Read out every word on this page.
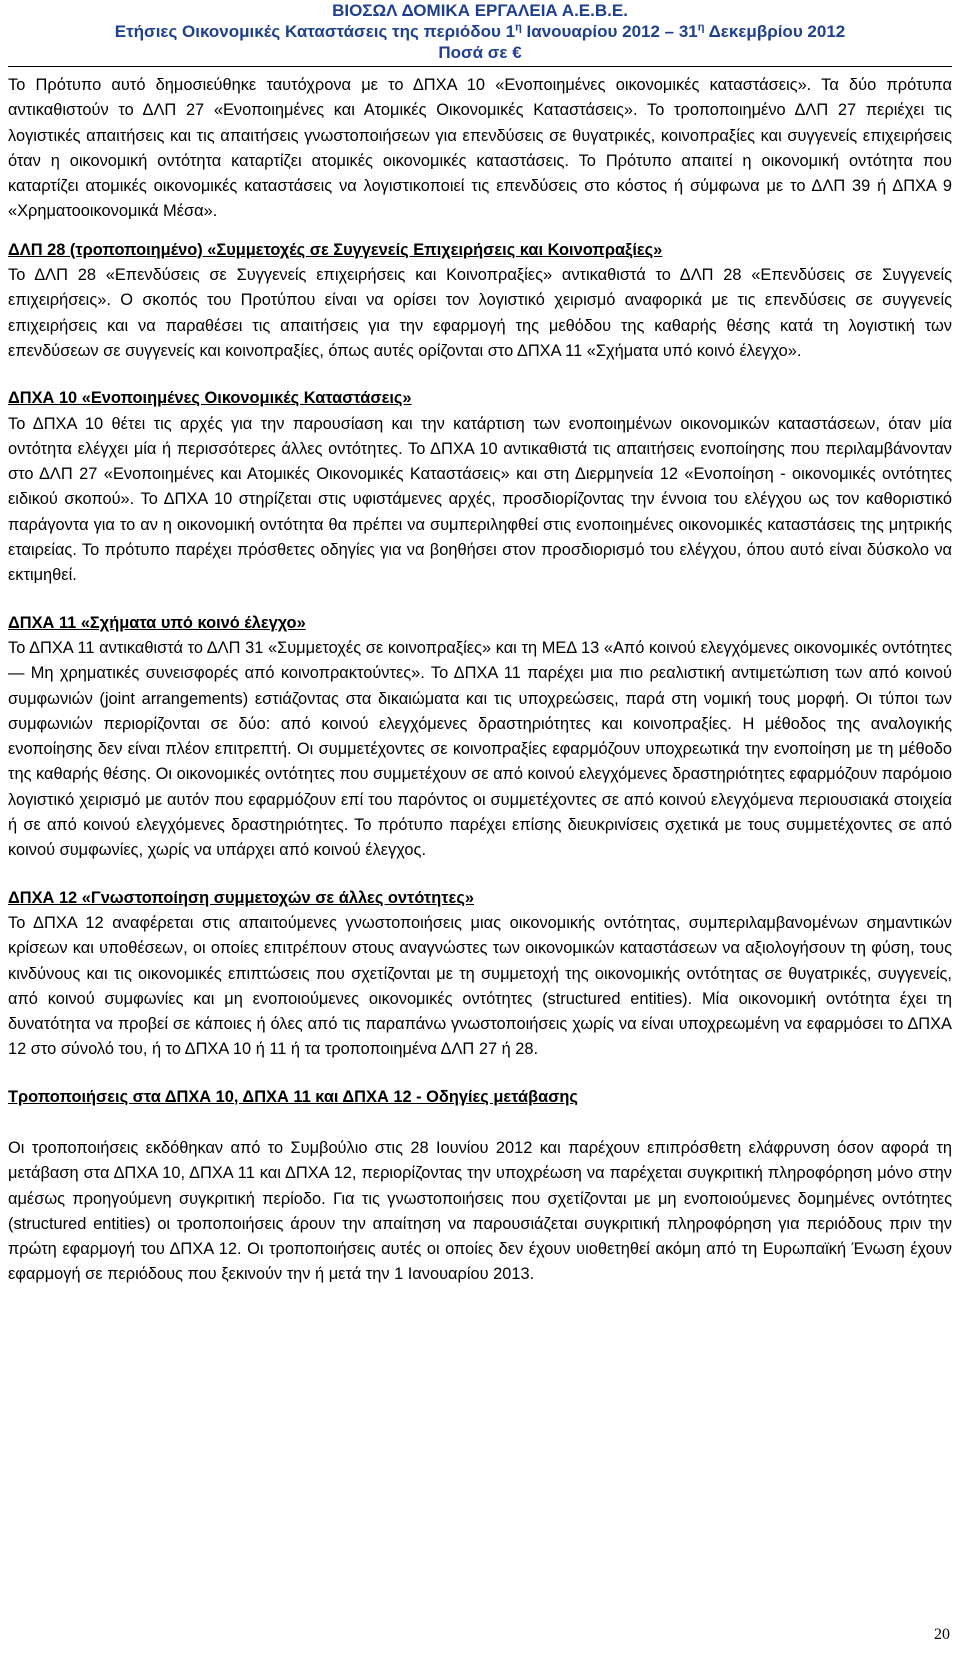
ΒΙΟΣΩΛ ΔΟΜΙΚΑ ΕΡΓΑΛΕΙΑ Α.Ε.Β.Ε.
Ετήσιες Οικονομικές Καταστάσεις της περιόδου $1^\eta$ Ιανουαρίου $2012 - 31^\eta$ Δεκεμβρίου 2012
Ποσά σε €

Το Πρότυπο αυτό δημοσιεύθηκε ταυτόχρονα με το ΔΠΧΑ 10 «Ενοποιημένες οικονομικές καταστάσεις». Τα δύο πρότυπα αντικαθιστούν το ΔΛΠ 27 «Ενοποιημένες και Ατομικές Οικονομικές Καταστάσεις». Το τροποποιημένο ΔΛΠ 27 περιέχει τις λογιστικές απαιτήσεις και τις απαιτήσεις γνωστοποιήσεων για επενδύσεις σε θυγατρικές, κοινοπραξίες και συγγενείς επιχειρήσεις όταν η οικονομική οντότητα καταρτίζει ατομικές οικονομικές καταστάσεις. Το Πρότυπο απαιτεί η οικονομική οντότητα που καταρτίζει ατομικές οικονομικές καταστάσεις να λογιστικοποιεί τις επενδύσεις στο κόστος ή σύμφωνα με το ΔΛΠ 39 ή ΔΠΧΑ 9 «Χρηματοοικονομικά Μέσα».

ΔΛΠ 28 (τροποποιημένο) «Συμμετοχές σε Συγγενείς Επιχειρήσεις και Κοινοπραξίες»

Το ΔΛΠ 28 «Επενδύσεις σε Συγγενείς επιχειρήσεις και Κοινοπραξίες» αντικαθιστά το ΔΛΠ 28 «Επενδύσεις σε Συγγενείς επιχειρήσεις». Ο σκοπός του Προτύπου είναι να ορίσει τον λογιστικό χειρισμό αναφορικά με τις επενδύσεις σε συγγενείς επιχειρήσεις και να παραθέσει τις απαιτήσεις για την εφαρμογή της μεθόδου της καθαρής θέσης κατά τη λογιστική των επενδύσεων σε συγγενείς και κοινοπραξίες, όπως αυτές ορίζονται στο ΔΠΧΑ 11 «Σχήματα υπό κοινό έλεγχο».

ΔΠΧΑ 10 «Ενοποιημένες Οικονομικές Καταστάσεις»

Το ΔΠΧΑ 10 θέτει τις αρχές για την παρουσίαση και την κατάρτιση των ενοποιημένων οικονομικών καταστάσεων, όταν μία οντότητα ελέγχει μία ή περισσότερες άλλες οντότητες. Το ΔΠΧΑ 10 αντικαθιστά τις απαιτήσεις ενοποίησης που περιλαμβάνονταν στο ΔΛΠ 27 «Ενοποιημένες και Ατομικές Οικονομικές Καταστάσεις» και στη Διερμηνεία 12 «Ενοποίηση - οικονομικές οντότητες ειδικού σκοπού». Το ΔΠΧΑ 10 στηρίζεται στις υφιστάμενες αρχές, προσδιορίζοντας την έννοια του ελέγχου ως τον καθοριστικό παράγοντα για το αν η οικονομική οντότητα θα πρέπει να συμπεριληφθεί στις ενοποιημένες οικονομικές καταστάσεις της μητρικής εταιρείας. Το πρότυπο παρέχει πρόσθετες οδηγίες για να βοηθήσει στον προσδιορισμό του ελέγχου, όπου αυτό είναι δύσκολο να εκτιμηθεί.

ΔΠΧΑ 11 «Σχήματα υπό κοινό έλεγχο»

Το ΔΠΧΑ 11 αντικαθιστά το ΔΛΠ 31 «Συμμετοχές σε κοινοπραξίες» και τη ΜΕΔ 13 «Από κοινού ελεγχόμενες οικονομικές οντότητες — Μη χρηματικές συνεισφορές από κοινοπρακτούντες». Το ΔΠΧΑ 11 παρέχει μια πιο ρεαλιστική αντιμετώπιση των από κοινού συμφωνιών (joint arrangements) εστιάζοντας στα δικαιώματα και τις υποχρεώσεις, παρά στη νομική τους μορφή. Οι τύποι των συμφωνιών περιορίζονται σε δύο: από κοινού ελεγχόμενες δραστηριότητες και κοινοπραξίες. Η μέθοδος της αναλογικής ενοποίησης δεν είναι πλέον επιτρεπτή. Οι συμμετέχοντες σε κοινοπραξίες εφαρμόζουν υποχρεωτικά την ενοποίηση με τη μέθοδο της καθαρής θέσης. Οι οικονομικές οντότητες που συμμετέχουν σε από κοινού ελεγχόμενες δραστηριότητες εφαρμόζουν παρόμοιο λογιστικό χειρισμό με αυτόν που εφαρμόζουν επί του παρόντος οι συμμετέχοντες σε από κοινού ελεγχόμενα περιουσιακά στοιχεία ή σε από κοινού ελεγχόμενες δραστηριότητες. Το πρότυπο παρέχει επίσης διευκρινίσεις σχετικά με τους συμμετέχοντες σε από κοινού συμφωνίες, χωρίς να υπάρχει από κοινού έλεγχος.

ΔΠΧΑ 12 «Γνωστοποίηση συμμετοχών σε άλλες οντότητες»

Το ΔΠΧΑ 12 αναφέρεται στις απαιτούμενες γνωστοποιήσεις μιας οικονομικής οντότητας, συμπεριλαμβανομένων σημαντικών κρίσεων και υποθέσεων, οι οποίες επιτρέπουν στους αναγνώστες των οικονομικών καταστάσεων να αξιολογήσουν τη φύση, τους κινδύνους και τις οικονομικές επιπτώσεις που σχετίζονται με τη συμμετοχή της οικονομικής οντότητας σε θυγατρικές, συγγενείς, από κοινού συμφωνίες και μη ενοποιούμενες οικονομικές οντότητες (structured entities). Μία οικονομική οντότητα έχει τη δυνατότητα να προβεί σε κάποιες ή όλες από τις παραπάνω γνωστοποιήσεις χωρίς να είναι υποχρεωμένη να εφαρμόσει το ΔΠΧΑ 12 στο σύνολό του, ή το ΔΠΧΑ 10 ή 11 ή τα τροποποιημένα ΔΛΠ 27 ή 28.

Τροποποιήσεις στα ΔΠΧΑ 10, ΔΠΧΑ 11 και ΔΠΧΑ 12 - Οδηγίες μετάβασης

Οι τροποποιήσεις εκδόθηκαν από το Συμβούλιο στις 28 Ιουνίου 2012 και παρέχουν επιπρόσθετη ελάφρυνση όσον αφορά τη μετάβαση στα ΔΠΧΑ 10, ΔΠΧΑ 11 και ΔΠΧΑ 12, περιορίζοντας την υποχρέωση να παρέχεται συγκριτική πληροφόρηση μόνο στην αμέσως προηγούμενη συγκριτική περίοδο. Για τις γνωστοποιήσεις που σχετίζονται με μη ενοποιούμενες δομημένες οντότητες (structured entities) οι τροποποιήσεις άρουν την απαίτηση να παρουσιάζεται συγκριτική πληροφόρηση για περιόδους πριν την πρώτη εφαρμογή του ΔΠΧΑ 12. Οι τροποποιήσεις αυτές οι οποίες δεν έχουν υιοθετηθεί ακόμη από τη Ευρωπαϊκή Ένωση έχουν εφαρμογή σε περιόδους που ξεκινούν την ή μετά την 1 Ιανουαρίου 2013.

20
